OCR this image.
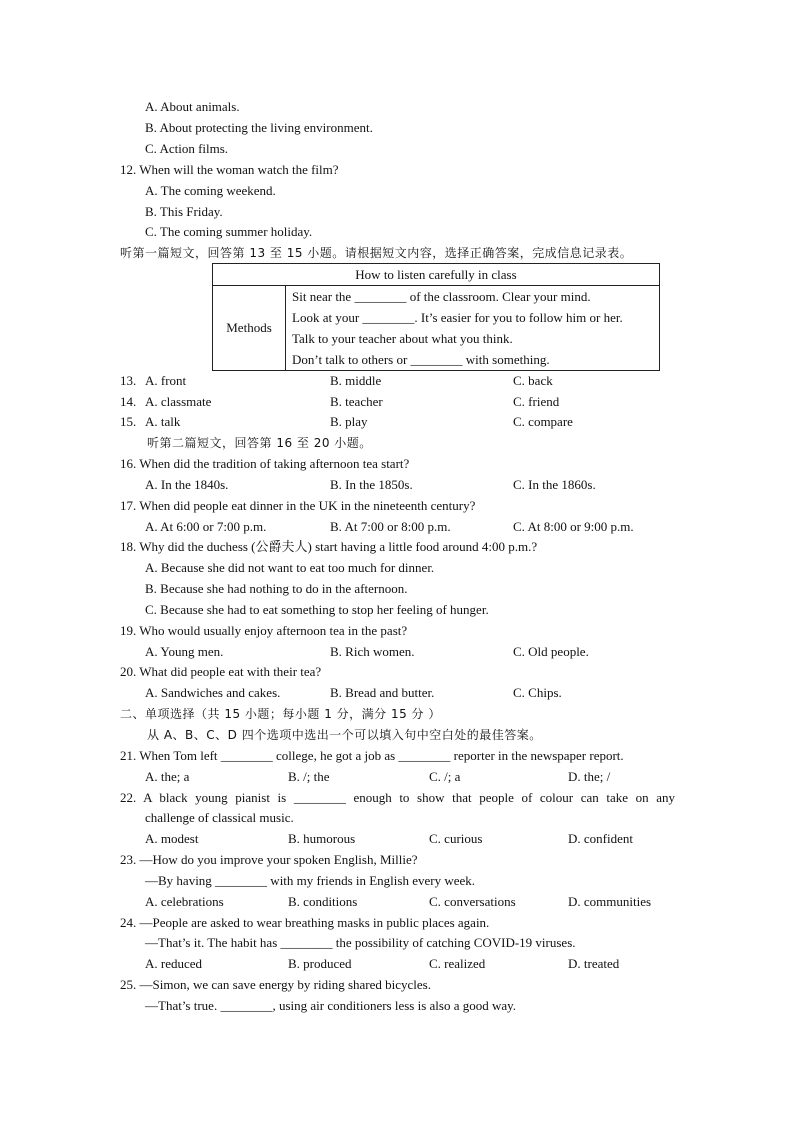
A. About animals.
B. About protecting the living environment.
C. Action films.
12. When will the woman watch the film?
A. The coming weekend.
B. This Friday.
C. The coming summer holiday.
听第一篇短文，回答第 13 至 15 小题。请根据短文内容，选择正确答案，完成信息记录表。
How to listen carefully in class
Methods	
Sit near the ________ of the classroom. Clear your mind.
Look at your ________. It’s easier for you to follow him or her.
Talk to your teacher about what you think.
Don’t talk to others or ________ with something.
13. A. front	B. middle	C. back
14. A. classmate	B. teacher	C. friend
15. A. talk	B. play	C. compare
听第二篇短文，回答第 16 至 20 小题。
16. When did the tradition of taking afternoon tea start?
A. In the 1840s.	B. In the 1850s.	C. In the 1860s.
17. When did people eat dinner in the UK in the nineteenth century?
A. At 6:00 or 7:00 p.m.	B. At 7:00 or 8:00 p.m.	C. At 8:00 or 9:00 p.m.
18. Why did the duchess (公爵夫人) start having a little food around 4:00 p.m.?
A. Because she did not want to eat too much for dinner.
B. Because she had nothing to do in the afternoon.
C. Because she had to eat something to stop her feeling of hunger.
19. Who would usually enjoy afternoon tea in the past?
A. Young men.	B. Rich women.	C. Old people.
20. What did people eat with their tea?
A. Sandwiches and cakes.	B. Bread and butter.	C. Chips.
二、单项选择（共 15 小题；每小题 1 分，满分 15 分 ）
从 A、B、C、D 四个选项中选出一个可以填入句中空白处的最佳答案。
21. When Tom left ________ college, he got a job as ________ reporter in the newspaper report.
A. the; a	B. /; the	C. /; a	D. the; /
22. A black young pianist is ________ enough to show that people of colour can take on any
challenge of classical music.
A. modest	B. humorous	C. curious	D. confident
23. —How do you improve your spoken English, Millie?
—By having ________ with my friends in English every week.
A. celebrations	B. conditions	C. conversations	D. communities
24. —People are asked to wear breathing masks in public places again.
—That’s it. The habit has ________ the possibility of catching COVID-19 viruses.
A. reduced	B. produced	C. realized	D. treated
25. —Simon, we can save energy by riding shared bicycles.
—That’s true. ________, using air conditioners less is also a good way.
